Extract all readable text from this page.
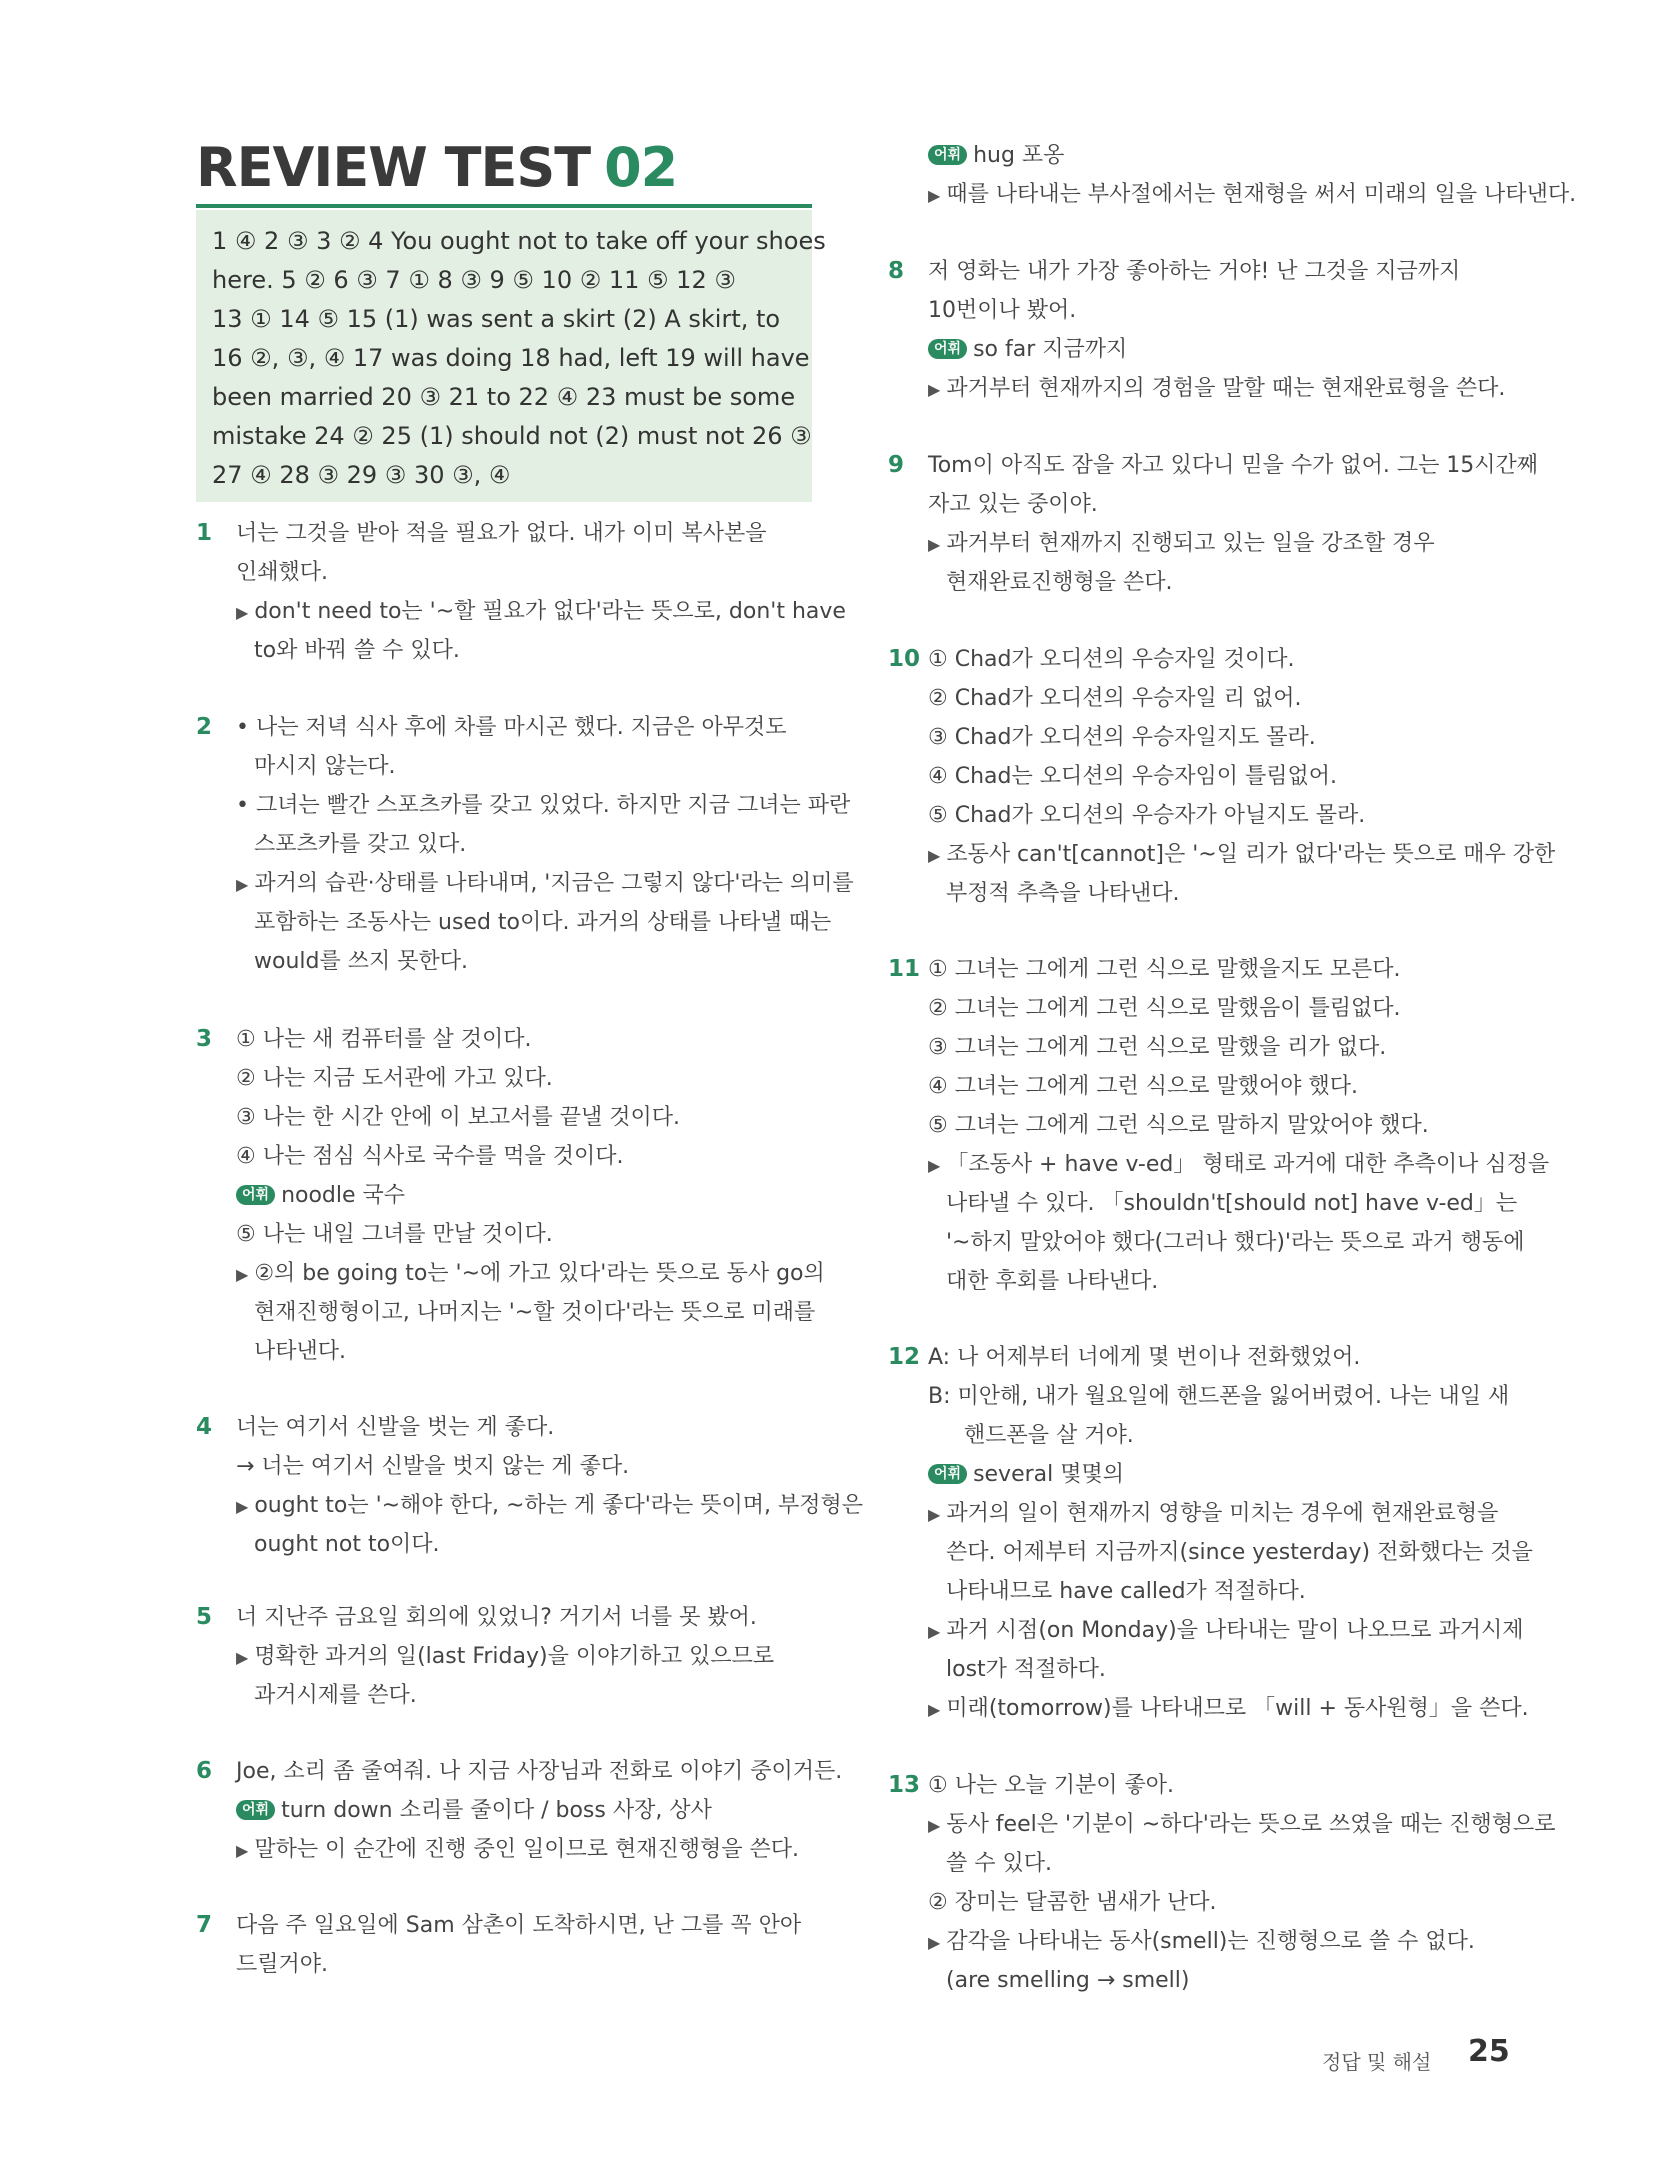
REVIEW TEST 02
1 ④ 2 ③ 3 ② 4 You ought not to take off your shoes
here. 5 ② 6 ③ 7 ① 8 ③ 9 ⑤ 10 ② 11 ⑤ 12 ③
13 ① 14 ⑤ 15 (1) was sent a skirt (2) A skirt, to
16 ②, ③, ④ 17 was doing 18 had, left 19 will have
been married 20 ③ 21 to 22 ④ 23 must be some
mistake 24 ② 25 (1) should not (2) must not 26 ③
27 ④ 28 ③ 29 ③ 30 ③, ④
1 너는 그것을 받아 적을 필요가 없다. 내가 이미 복사본을
인쇄했다.
▶ don't need to는 '~할 필요가 없다'라는 뜻으로, don't have
to와 바꿔 쓸 수 있다.
2 • 나는 저녁 식사 후에 차를 마시곤 했다. 지금은 아무것도
마시지 않는다.
• 그녀는 빨간 스포츠카를 갖고 있었다. 하지만 지금 그녀는 파란
스포츠카를 갖고 있다.
▶ 과거의 습관·상태를 나타내며, '지금은 그렇지 않다'라는 의미를
포함하는 조동사는 used to이다. 과거의 상태를 나타낼 때는
would를 쓰지 못한다.
3 ① 나는 새 컴퓨터를 살 것이다.
② 나는 지금 도서관에 가고 있다.
③ 나는 한 시간 안에 이 보고서를 끝낼 것이다.
④ 나는 점심 식사로 국수를 먹을 것이다.
어휘 noodle 국수
⑤ 나는 내일 그녀를 만날 것이다.
▶ ②의 be going to는 '~에 가고 있다'라는 뜻으로 동사 go의
현재진행형이고, 나머지는 '~할 것이다'라는 뜻으로 미래를
나타낸다.
4 너는 여기서 신발을 벗는 게 좋다.
→ 너는 여기서 신발을 벗지 않는 게 좋다.
▶ ought to는 '~해야 한다, ~하는 게 좋다'라는 뜻이며, 부정형은
ought not to이다.
5 너 지난주 금요일 회의에 있었니? 거기서 너를 못 봤어.
▶ 명확한 과거의 일(last Friday)을 이야기하고 있으므로
과거시제를 쓴다.
6 Joe, 소리 좀 줄여줘. 나 지금 사장님과 전화로 이야기 중이거든.
어휘 turn down 소리를 줄이다 / boss 사장, 상사
▶ 말하는 이 순간에 진행 중인 일이므로 현재진행형을 쓴다.
7 다음 주 일요일에 Sam 삼촌이 도착하시면, 난 그를 꼭 안아
드릴거야.
어휘 hug 포옹
▶ 때를 나타내는 부사절에서는 현재형을 써서 미래의 일을 나타낸다.
8 저 영화는 내가 가장 좋아하는 거야! 난 그것을 지금까지
10번이나 봤어.
어휘 so far 지금까지
▶ 과거부터 현재까지의 경험을 말할 때는 현재완료형을 쓴다.
9 Tom이 아직도 잠을 자고 있다니 믿을 수가 없어. 그는 15시간째
자고 있는 중이야.
▶ 과거부터 현재까지 진행되고 있는 일을 강조할 경우
현재완료진행형을 쓴다.
10 ① Chad가 오디션의 우승자일 것이다.
② Chad가 오디션의 우승자일 리 없어.
③ Chad가 오디션의 우승자일지도 몰라.
④ Chad는 오디션의 우승자임이 틀림없어.
⑤ Chad가 오디션의 우승자가 아닐지도 몰라.
▶ 조동사 can't[cannot]은 '~일 리가 없다'라는 뜻으로 매우 강한
부정적 추측을 나타낸다.
11 ① 그녀는 그에게 그런 식으로 말했을지도 모른다.
② 그녀는 그에게 그런 식으로 말했음이 틀림없다.
③ 그녀는 그에게 그런 식으로 말했을 리가 없다.
④ 그녀는 그에게 그런 식으로 말했어야 했다.
⑤ 그녀는 그에게 그런 식으로 말하지 말았어야 했다.
▶ 「조동사 + have v-ed」 형태로 과거에 대한 추측이나 심정을
나타낼 수 있다. 「shouldn't[should not] have v-ed」는
'~하지 말았어야 했다(그러나 했다)'라는 뜻으로 과거 행동에
대한 후회를 나타낸다.
12 A: 나 어제부터 너에게 몇 번이나 전화했었어.
B: 미안해, 내가 월요일에 핸드폰을 잃어버렸어. 나는 내일 새
핸드폰을 살 거야.
어휘 several 몇몇의
▶ 과거의 일이 현재까지 영향을 미치는 경우에 현재완료형을
쓴다. 어제부터 지금까지(since yesterday) 전화했다는 것을
나타내므로 have called가 적절하다.
▶ 과거 시점(on Monday)을 나타내는 말이 나오므로 과거시제
lost가 적절하다.
▶ 미래(tomorrow)를 나타내므로 「will + 동사원형」을 쓴다.
13 ① 나는 오늘 기분이 좋아.
▶ 동사 feel은 '기분이 ~하다'라는 뜻으로 쓰였을 때는 진행형으로
쓸 수 있다.
② 장미는 달콤한 냄새가 난다.
▶ 감각을 나타내는 동사(smell)는 진행형으로 쓸 수 없다.
(are smelling → smell)
정답 및 해설 25
